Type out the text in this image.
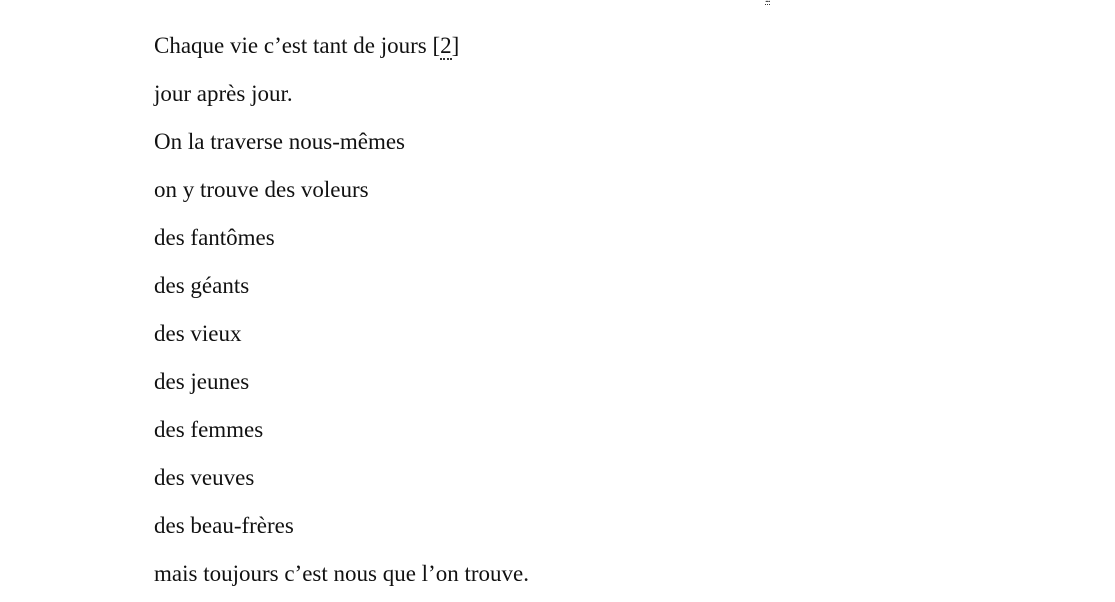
Chaque vie c’est tant de jours [2]
jour après jour.
On la traverse nous-mêmes
on y trouve des voleurs
des fantômes
des géants
des vieux
des jeunes
des femmes
des veuves
des beau-frères
mais toujours c’est nous que l’on trouve.
